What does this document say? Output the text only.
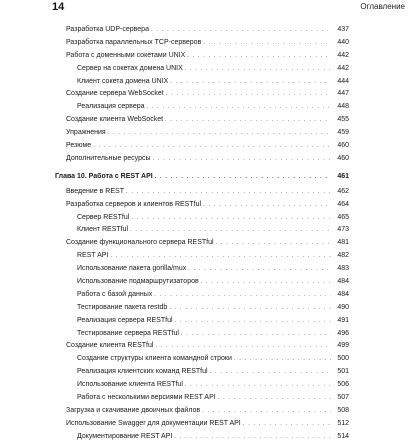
14	Оглавление
Разработка UDP-сервера . . .	437
Разработка параллельных TCP-серверов . . .	440
Работа с доменными сокетами UNIX . . .	442
Сервер на сокетах домена UNIX . . .	442
Клиент сокета домена UNIX . . .	444
Создание сервера WebSocket . . .	447
Реализация сервера . . .	448
Создание клиента WebSocket . . .	455
Упражнения . . .	459
Резюме . . .	460
Дополнительные ресурсы . . .	460
Глава 10. Работа с REST API . . .	461
Введение в REST . . .	462
Разработка серверов и клиентов RESTful . . .	464
Сервер RESTful . . .	465
Клиент RESTful . . .	473
Создание функционального сервера RESTful . . .	481
REST API . . .	482
Использование пакета gorilla/mux . . .	483
Использование подмаршрутизаторов . . .	484
Работа с базой данных . . .	484
Тестирование пакета restdb . . .	490
Реализация сервера RESTful . . .	491
Тестирование сервера RESTful . . .	496
Создание клиента RESTful . . .	499
Создание структуры клиента командной строки . . .	500
Реализация клиентских команд RESTful . . .	501
Использование клиента RESTful . . .	506
Работа с несколькими версиями REST API . . .	507
Загрузка и скачивание двоичных файлов . . .	508
Использование Swagger для документации REST API . . .	512
Документирование REST API . . .	514
